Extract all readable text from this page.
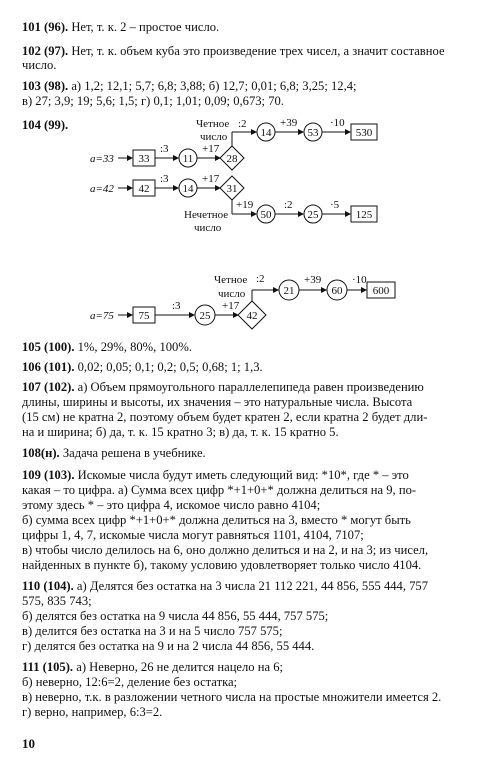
101 (96). Нет, т. к. 2 – простое число.
102 (97). Нет, т. к. объем куба это произведение трех чисел, а значит составное
число.
103 (98). а) 1,2; 12,1; 5,7; 6,8; 3,88; б) 12,7; 0,01; 6,8; 3,25; 12,4;
в) 27; 3,9; 19; 5,6; 1,5; г) 0,1; 1,01; 0,09; 0,673; 70.
104 (99).
105 (100). 1%, 29%, 80%, 100%.
106 (101). 0,02; 0,05; 0,1; 0,2; 0,5; 0,68; 1; 1,3.
107 (102). а) Объем прямоугольного параллелепипеда равен произведению
длины, ширины и высоты, их значения – это натуральные числа. Высота
(15 см) не кратна 2, поэтому объем будет кратен 2, если кратна 2 будет дли-
на и ширина; б) да, т. к. 15 кратно 3; в) да, т. к. 15 кратно 5.
108(н). Задача решена в учебнике.
109 (103). Искомые числа будут иметь следующий вид: *10*, где * – это
какая – то цифра. а) Сумма всех цифр *+1+0+* должна делиться на 9, по-
этому здесь * – это цифра 4, искомое число равно 4104;
б) сумма всех цифр *+1+0+* должна делиться на 3, вместо * могут быть
цифры 1, 4, 7, искомые числа могут равняться 1101, 4104, 7107;
в) чтобы число делилось на 6, оно должно делиться и на 2, и на 3; из чисел,
найденных в пункте б), такому условию удовлетворяет только число 4104.
110 (104). а) Делятся без остатка на 3 числа 21 112 221, 44 856, 555 444, 757
575, 835 743;
б) делятся без остатка на 9 числа 44 856, 55 444, 757 575;
в) делится без остатка на 3 и на 5 число 757 575;
г) делятся без остатка на 9 и на 2 числа 44 856, 55 444.
111 (105). а) Неверно, 26 не делится нацело на 6;
б) неверно, 12:6=2, деление без остатка;
в) неверно, т.к. в разложении четного числа на простые множители имеется 2.
г) верно, например, 6:3=2.
a=33 33
:3
11
+17
28
Четное
число
:2
14
+39
53
·10
530
a=42 42
:3
14
+17
31
Нечетное
число
+19
50
:2
25
·5
125
a=75 75
:3
25
+17
42
Четное
число
:2
21
+39
60
·10
600
10
